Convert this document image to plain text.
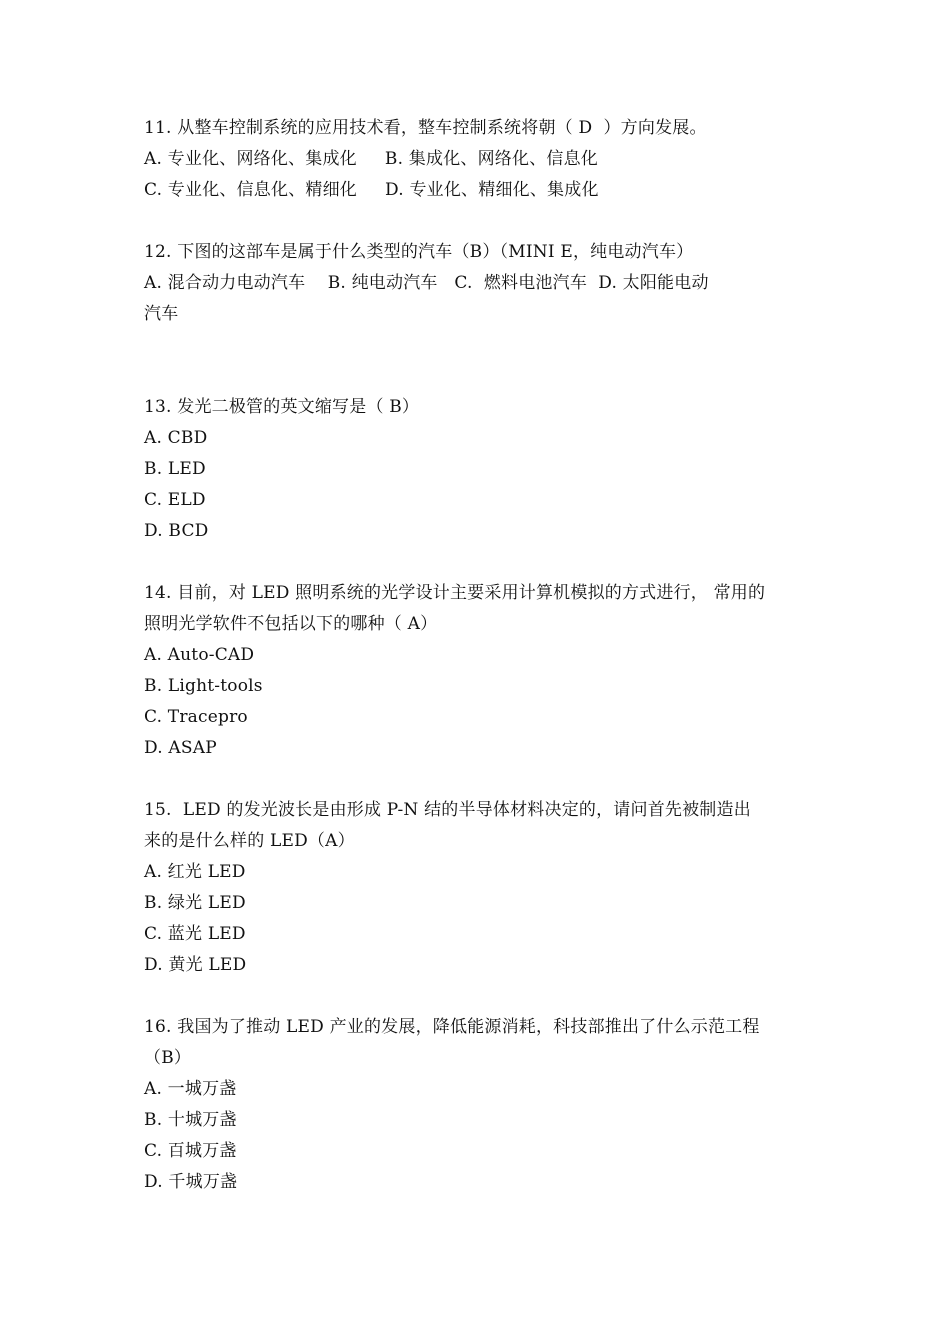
11. 从整车控制系统的应用技术看，整车控制系统将朝（ D  ）方向发展。
A. 专业化、网络化、集成化     B. 集成化、网络化、信息化
C. 专业化、信息化、精细化     D. 专业化、精细化、集成化
12. 下图的这部车是属于什么类型的汽车（B）（MINI E，纯电动汽车）
A. 混合动力电动汽车    B. 纯电动汽车   C.  燃料电池汽车  D. 太阳能电动
汽车
13. 发光二极管的英文缩写是（ B）
A. CBD
B. LED
C. ELD
D. BCD
14. 目前，对 LED 照明系统的光学设计主要采用计算机模拟的方式进行， 常用的
照明光学软件不包括以下的哪种（ A）
A. Auto-CAD
B. Light-tools
C. Tracepro
D. ASAP
15.  LED 的发光波长是由形成 P-N 结的半导体材料决定的，请问首先被制造出
来的是什么样的 LED（A）
A. 红光 LED
B. 绿光 LED
C. 蓝光 LED
D. 黄光 LED
16. 我国为了推动 LED 产业的发展，降低能源消耗，科技部推出了什么示范工程
（B）
A. 一城万盏
B. 十城万盏
C. 百城万盏
D. 千城万盏
